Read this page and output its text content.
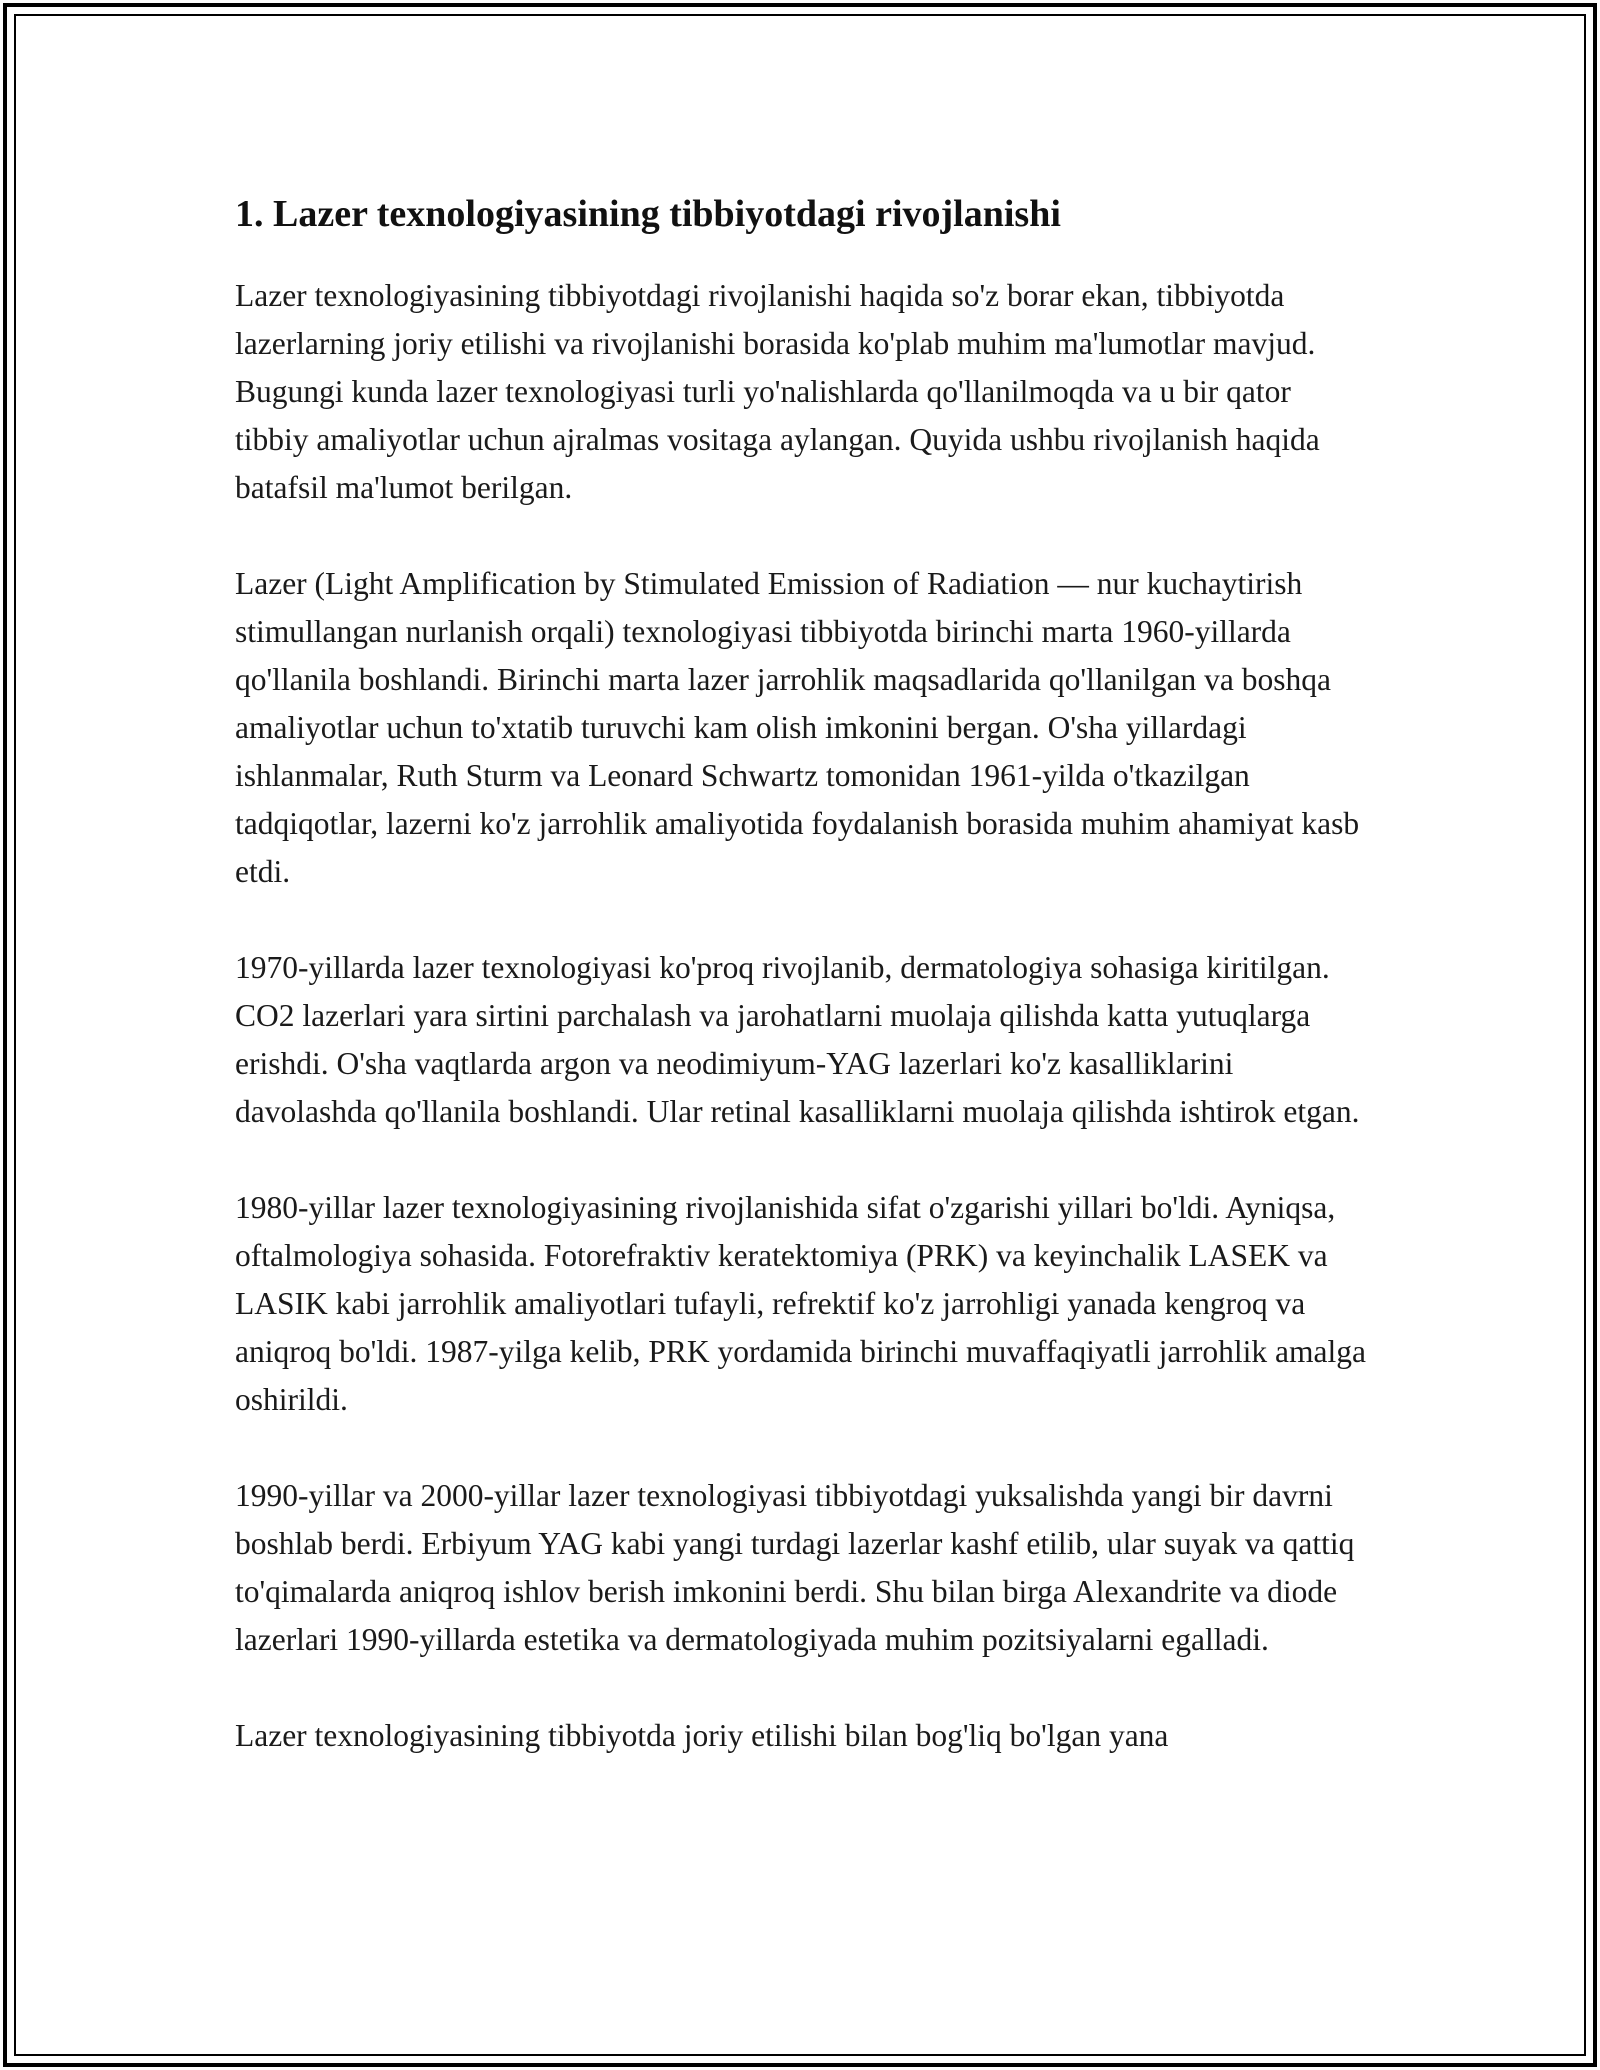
1. Lazer texnologiyasining tibbiyotdagi rivojlanishi

Lazer texnologiyasining tibbiyotdagi rivojlanishi haqida so'z borar ekan, tibbiyotda lazerlarning joriy etilishi va rivojlanishi borasida ko'plab muhim ma'lumotlar mavjud. Bugungi kunda lazer texnologiyasi turli yo'nalishlarda qo'llanilmoqda va u bir qator tibbiy amaliyotlar uchun ajralmas vositaga aylangan. Quyida ushbu rivojlanish haqida batafsil ma'lumot berilgan.

Lazer (Light Amplification by Stimulated Emission of Radiation — nur kuchaytirish stimullangan nurlanish orqali) texnologiyasi tibbiyotda birinchi marta 1960-yillarda qo'llanila boshlandi. Birinchi marta lazer jarrohlik maqsadlarida qo'llanilgan va boshqa amaliyotlar uchun to'xtatib turuvchi kam olish imkonini bergan. O'sha yillardagi ishlanmalar, Ruth Sturm va Leonard Schwartz tomonidan 1961-yilda o'tkazilgan tadqiqotlar, lazerni ko'z jarrohlik amaliyotida foydalanish borasida muhim ahamiyat kasb etdi.

1970-yillarda lazer texnologiyasi ko'proq rivojlanib, dermatologiya sohasiga kiritilgan. CO2 lazerlari yara sirtini parchalash va jarohatlarni muolaja qilishda katta yutuqlarga erishdi. O'sha vaqtlarda argon va neodimiyum-YAG lazerlari ko'z kasalliklarini davolashda qo'llanila boshlandi. Ular retinal kasalliklarni muolaja qilishda ishtirok etgan.

1980-yillar lazer texnologiyasining rivojlanishida sifat o'zgarishi yillari bo'ldi. Ayniqsa, oftalmologiya sohasida. Fotorefraktiv keratektomiya (PRK) va keyinchalik LASEK va LASIK kabi jarrohlik amaliyotlari tufayli, refrektif ko'z jarrohligi yanada kengroq va aniqroq bo'ldi. 1987-yilga kelib, PRK yordamida birinchi muvaffaqiyatli jarrohlik amalga oshirildi.

1990-yillar va 2000-yillar lazer texnologiyasi tibbiyotdagi yuksalishda yangi bir davrni boshlab berdi. Erbiyum YAG kabi yangi turdagi lazerlar kashf etilib, ular suyak va qattiq to'qimalarda aniqroq ishlov berish imkonini berdi. Shu bilan birga Alexandrite va diode lazerlari 1990-yillarda estetika va dermatologiyada muhim pozitsiyalarni egalladi.

Lazer texnologiyasining tibbiyotda joriy etilishi bilan bog'liq bo'lgan yana
